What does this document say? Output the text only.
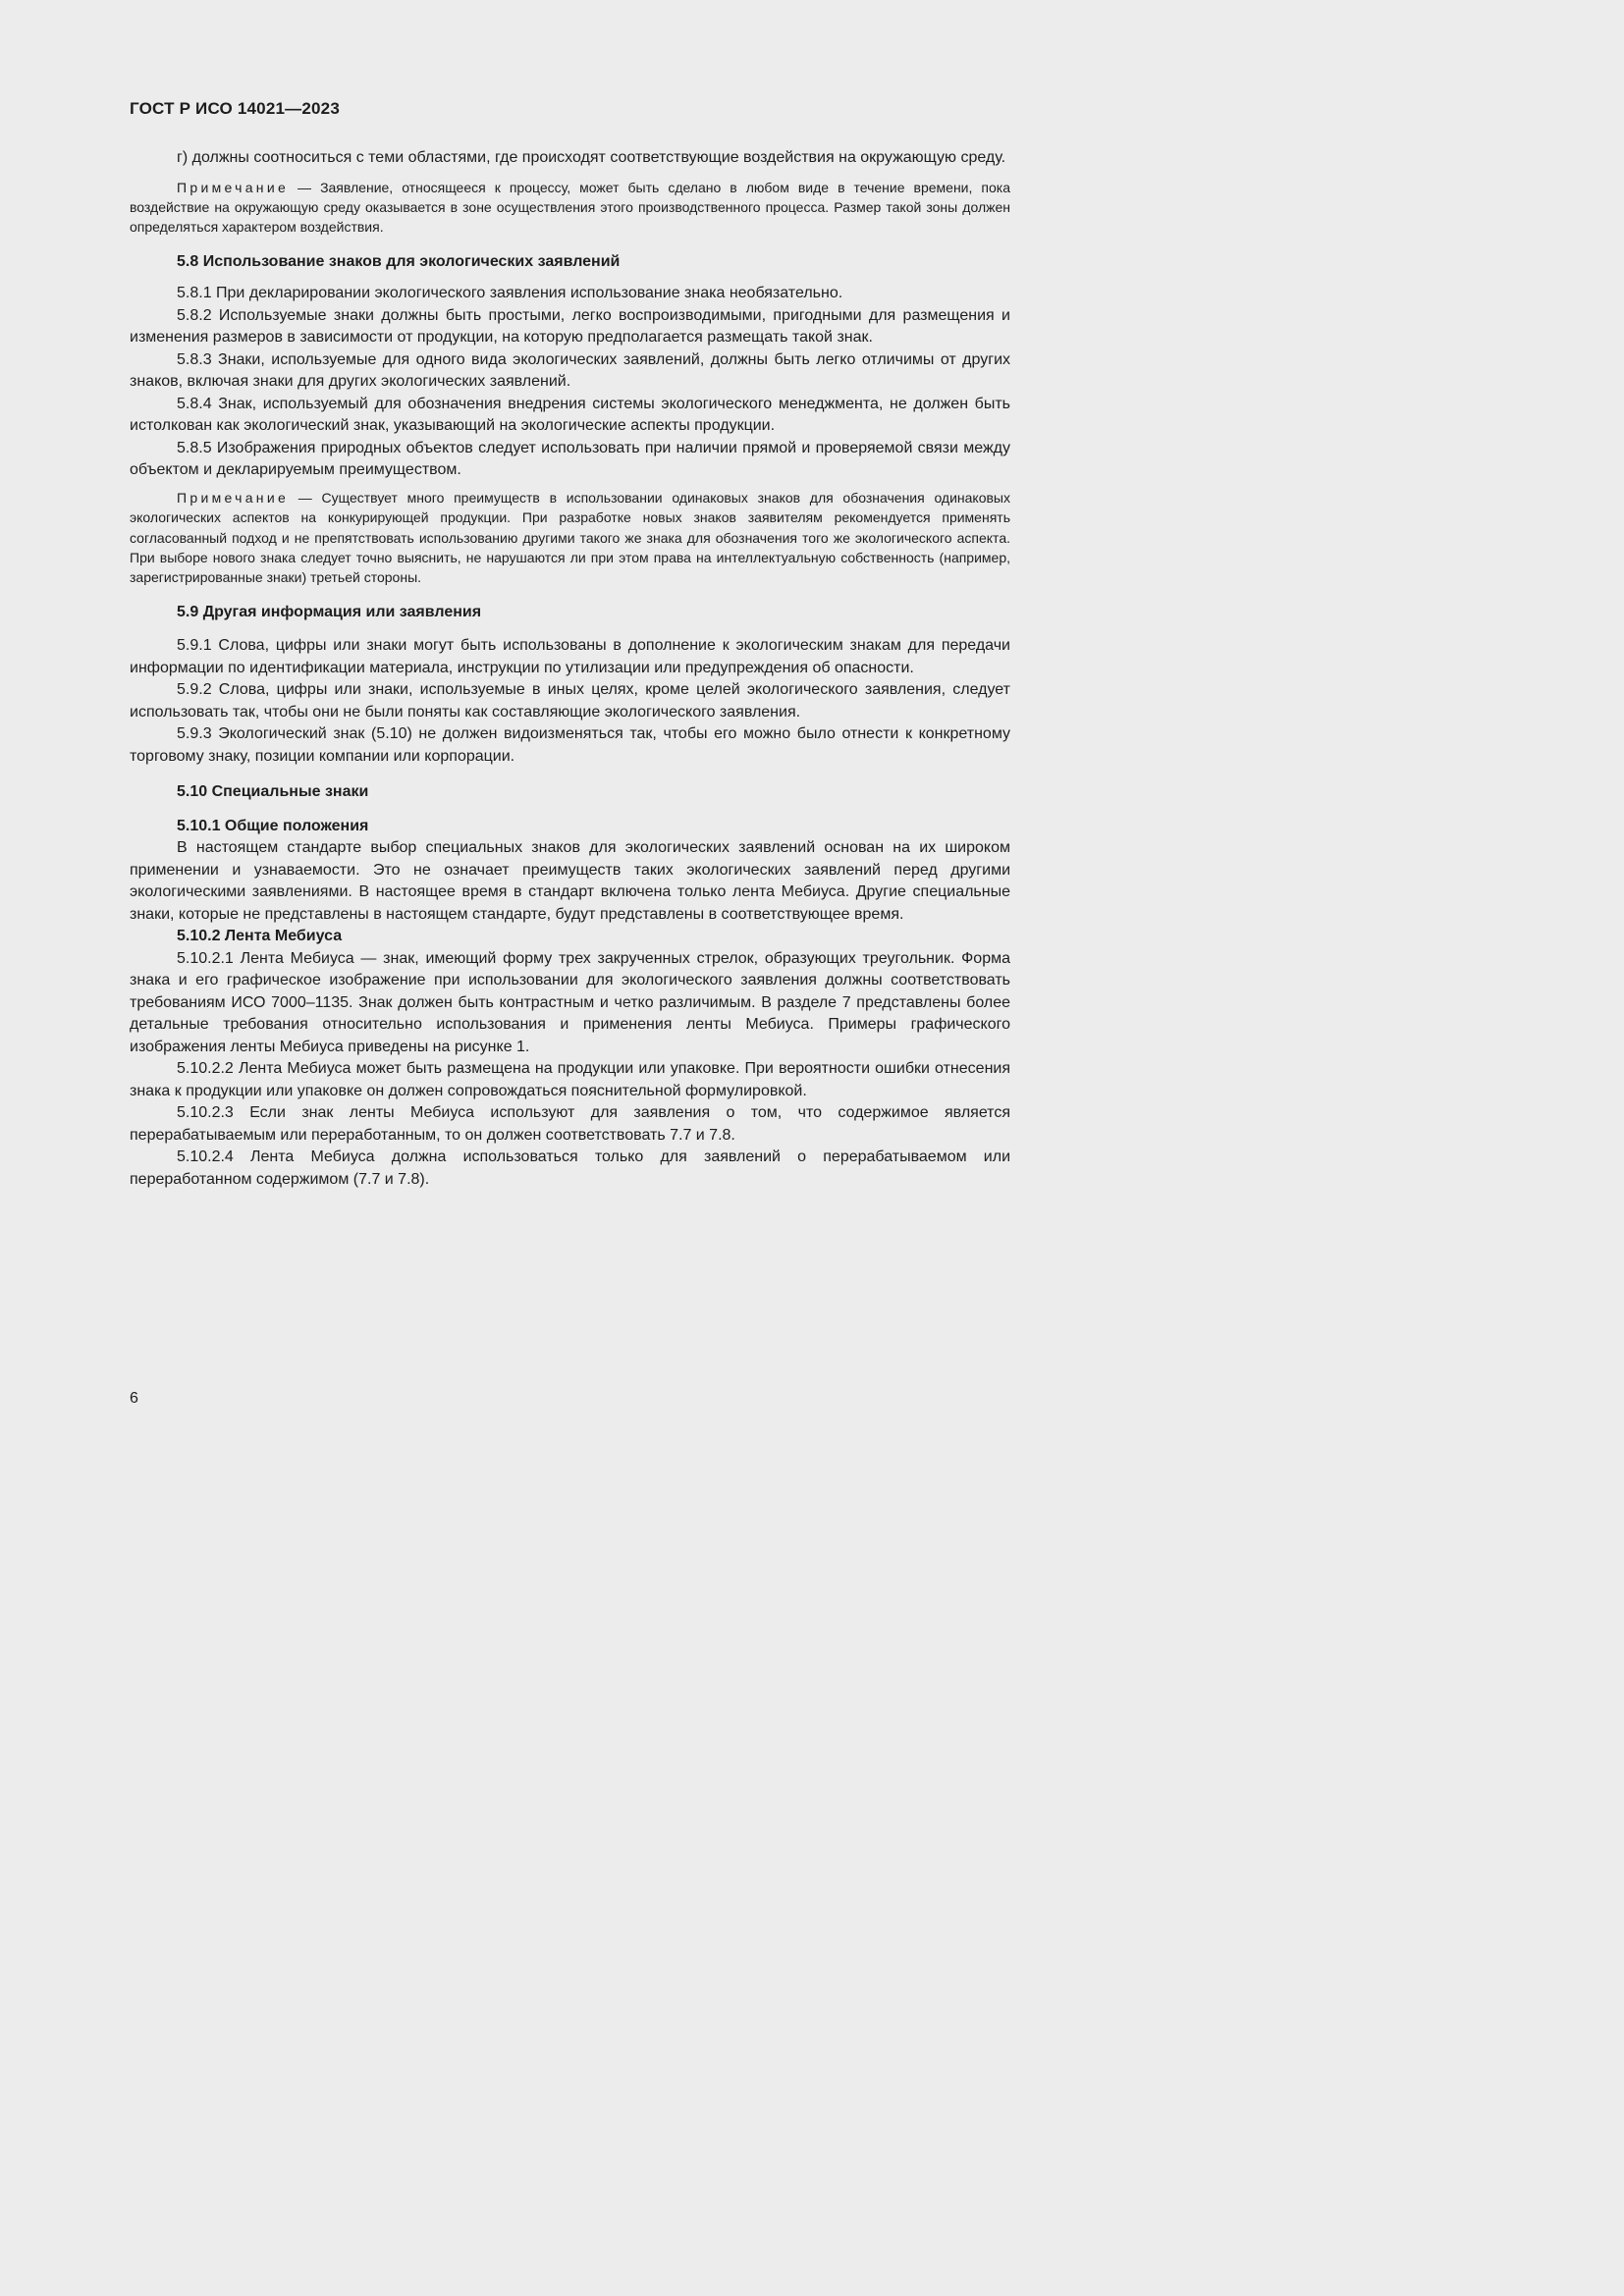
ГОСТ Р ИСО 14021—2023

г) должны соотноситься с теми областями, где происходят соответствующие воздействия на окружающую среду.

Примечание — Заявление, относящееся к процессу, может быть сделано в любом виде в течение времени, пока воздействие на окружающую среду оказывается в зоне осуществления этого производственного процесса. Размер такой зоны должен определяться характером воздействия.

5.8 Использование знаков для экологических заявлений

5.8.1 При декларировании экологического заявления использование знака необязательно.

5.8.2 Используемые знаки должны быть простыми, легко воспроизводимыми, пригодными для размещения и изменения размеров в зависимости от продукции, на которую предполагается размещать такой знак.

5.8.3 Знаки, используемые для одного вида экологических заявлений, должны быть легко отличимы от других знаков, включая знаки для других экологических заявлений.

5.8.4 Знак, используемый для обозначения внедрения системы экологического менеджмента, не должен быть истолкован как экологический знак, указывающий на экологические аспекты продукции.

5.8.5 Изображения природных объектов следует использовать при наличии прямой и проверяемой связи между объектом и декларируемым преимуществом.

Примечание — Существует много преимуществ в использовании одинаковых знаков для обозначения одинаковых экологических аспектов на конкурирующей продукции. При разработке новых знаков заявителям рекомендуется применять согласованный подход и не препятствовать использованию другими такого же знака для обозначения того же экологического аспекта. При выборе нового знака следует точно выяснить, не нарушаются ли при этом права на интеллектуальную собственность (например, зарегистрированные знаки) третьей стороны.

5.9 Другая информация или заявления

5.9.1 Слова, цифры или знаки могут быть использованы в дополнение к экологическим знакам для передачи информации по идентификации материала, инструкции по утилизации или предупреждения об опасности.

5.9.2 Слова, цифры или знаки, используемые в иных целях, кроме целей экологического заявления, следует использовать так, чтобы они не были поняты как составляющие экологического заявления.

5.9.3 Экологический знак (5.10) не должен видоизменяться так, чтобы его можно было отнести к конкретному торговому знаку, позиции компании или корпорации.

5.10 Специальные знаки

5.10.1 Общие положения

В настоящем стандарте выбор специальных знаков для экологических заявлений основан на их широком применении и узнаваемости. Это не означает преимуществ таких экологических заявлений перед другими экологическими заявлениями. В настоящее время в стандарт включена только лента Мебиуса. Другие специальные знаки, которые не представлены в настоящем стандарте, будут представлены в соответствующее время.

5.10.2 Лента Мебиуса

5.10.2.1 Лента Мебиуса — знак, имеющий форму трех закрученных стрелок, образующих треугольник. Форма знака и его графическое изображение при использовании для экологического заявления должны соответствовать требованиям ИСО 7000–1135. Знак должен быть контрастным и четко различимым. В разделе 7 представлены более детальные требования относительно использования и применения ленты Мебиуса. Примеры графического изображения ленты Мебиуса приведены на рисунке 1.

5.10.2.2 Лента Мебиуса может быть размещена на продукции или упаковке. При вероятности ошибки отнесения знака к продукции или упаковке он должен сопровождаться пояснительной формулировкой.

5.10.2.3 Если знак ленты Мебиуса используют для заявления о том, что содержимое является перерабатываемым или переработанным, то он должен соответствовать 7.7 и 7.8.

5.10.2.4 Лента Мебиуса должна использоваться только для заявлений о перерабатываемом или переработанном содержимом (7.7 и 7.8).

6
